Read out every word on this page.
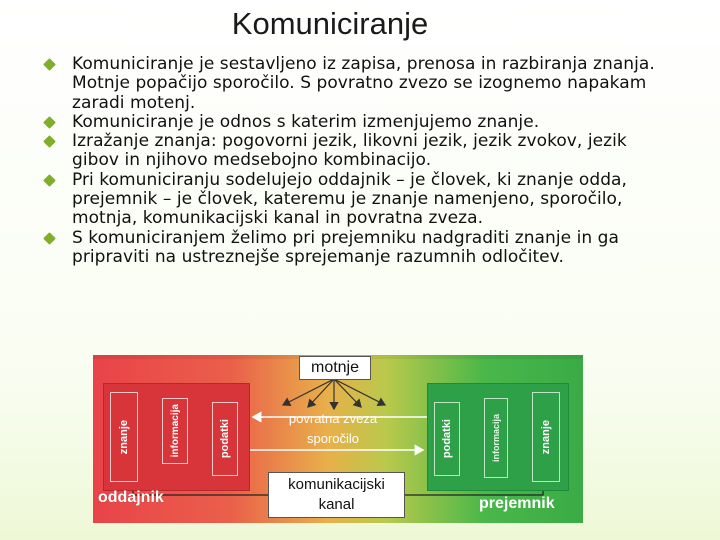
Komuniciranje
Komuniciranje je sestavljeno iz zapisa, prenosa in razbiranja znanja. Motnje popačijo sporočilo. S povratno zvezo se izognemo napakam zaradi motenj.
Komuniciranje je odnos s katerim izmenjujemo znanje.
Izražanje znanja: pogovorni jezik, likovni jezik, jezik zvokov, jezik gibov in njihovo medsebojno kombinacijo.
Pri komuniciranju sodelujejo oddajnik – je človek, ki znanje odda, prejemnik – je človek, kateremu je znanje namenjeno, sporočilo, motnja, komunikacijski kanal in povratna zveza.
S komuniciranjem želimo pri prejemniku nadgraditi znanje in ga pripraviti na ustreznejše sprejemanje razumnih odločitev.
motnje
znanje	informacija	podatki	podatki	informacija	znanje
povratna zveza
sporočilo
komunikacijski kanal
oddajnik	prejemnik
